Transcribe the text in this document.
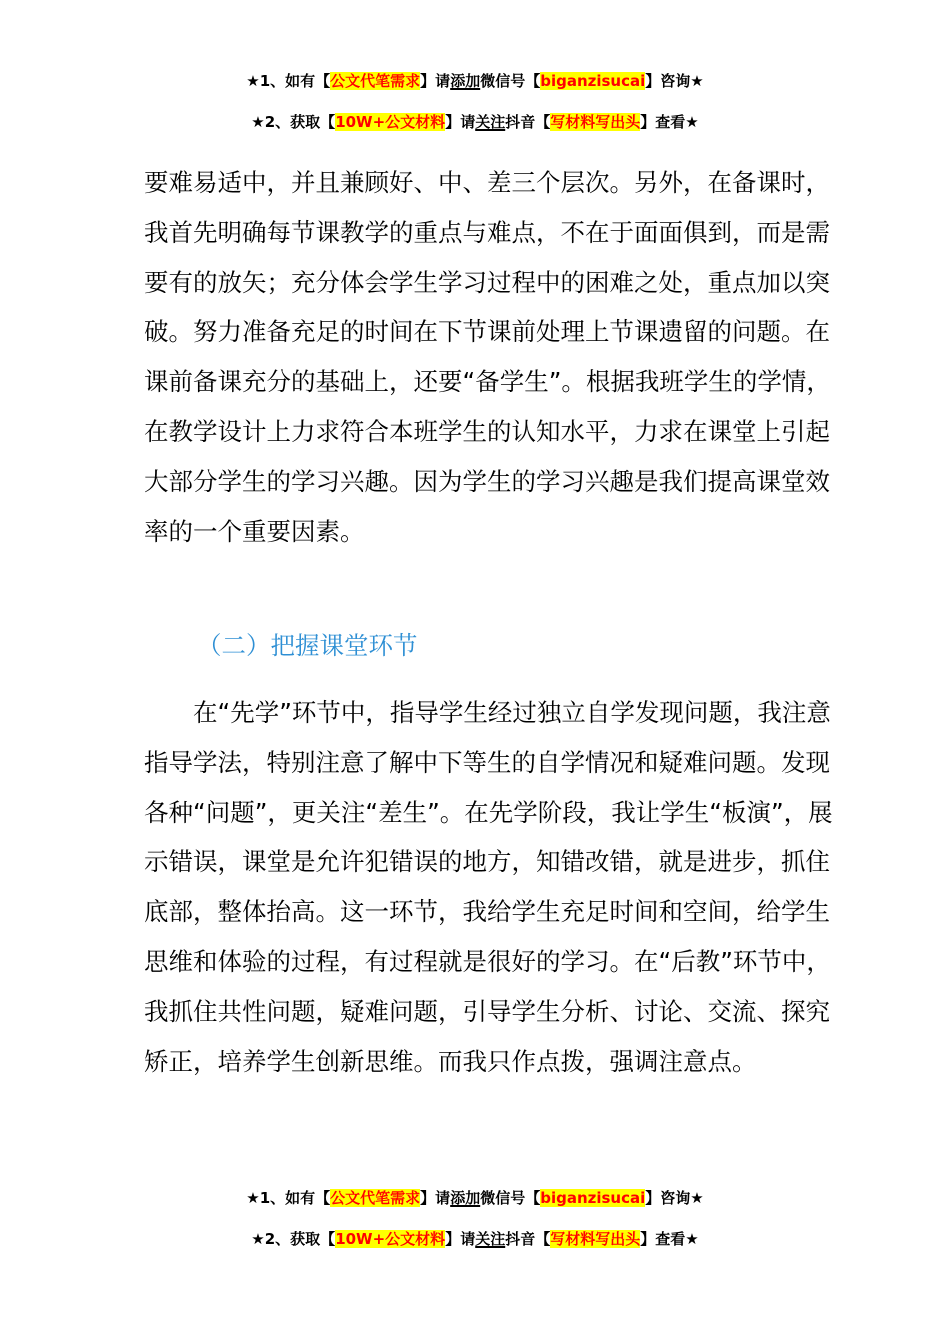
★1、如有【公文代笔需求】请添加微信号【biganzisucai】咨询★
★2、获取【10W+公文材料】请关注抖音【写材料写出头】查看★
要难易适中，并且兼顾好、中、差三个层次。另外，在备课时，我首先明确每节课教学的重点与难点，不在于面面俱到，而是需要有的放矢；充分体会学生学习过程中的困难之处，重点加以突破。努力准备充足的时间在下节课前处理上节课遗留的问题。在课前备课充分的基础上，还要“备学生”。根据我班学生的学情，在教学设计上力求符合本班学生的认知水平，力求在课堂上引起大部分学生的学习兴趣。因为学生的学习兴趣是我们提高课堂效率的一个重要因素。
（二）把握课堂环节
　　在“先学”环节中，指导学生经过独立自学发现问题，我注意指导学法，特别注意了解中下等生的自学情况和疑难问题。发现各种“问题”，更关注“差生”。在先学阶段，我让学生“板演”，展示错误，课堂是允许犯错误的地方，知错改错，就是进步，抓住底部，整体抬高。这一环节，我给学生充足时间和空间，给学生思维和体验的过程，有过程就是很好的学习。在“后教”环节中，我抓住共性问题，疑难问题，引导学生分析、讨论、交流、探究矫正，培养学生创新思维。而我只作点拨，强调注意点。
★1、如有【公文代笔需求】请添加微信号【biganzisucai】咨询★
★2、获取【10W+公文材料】请关注抖音【写材料写出头】查看★
